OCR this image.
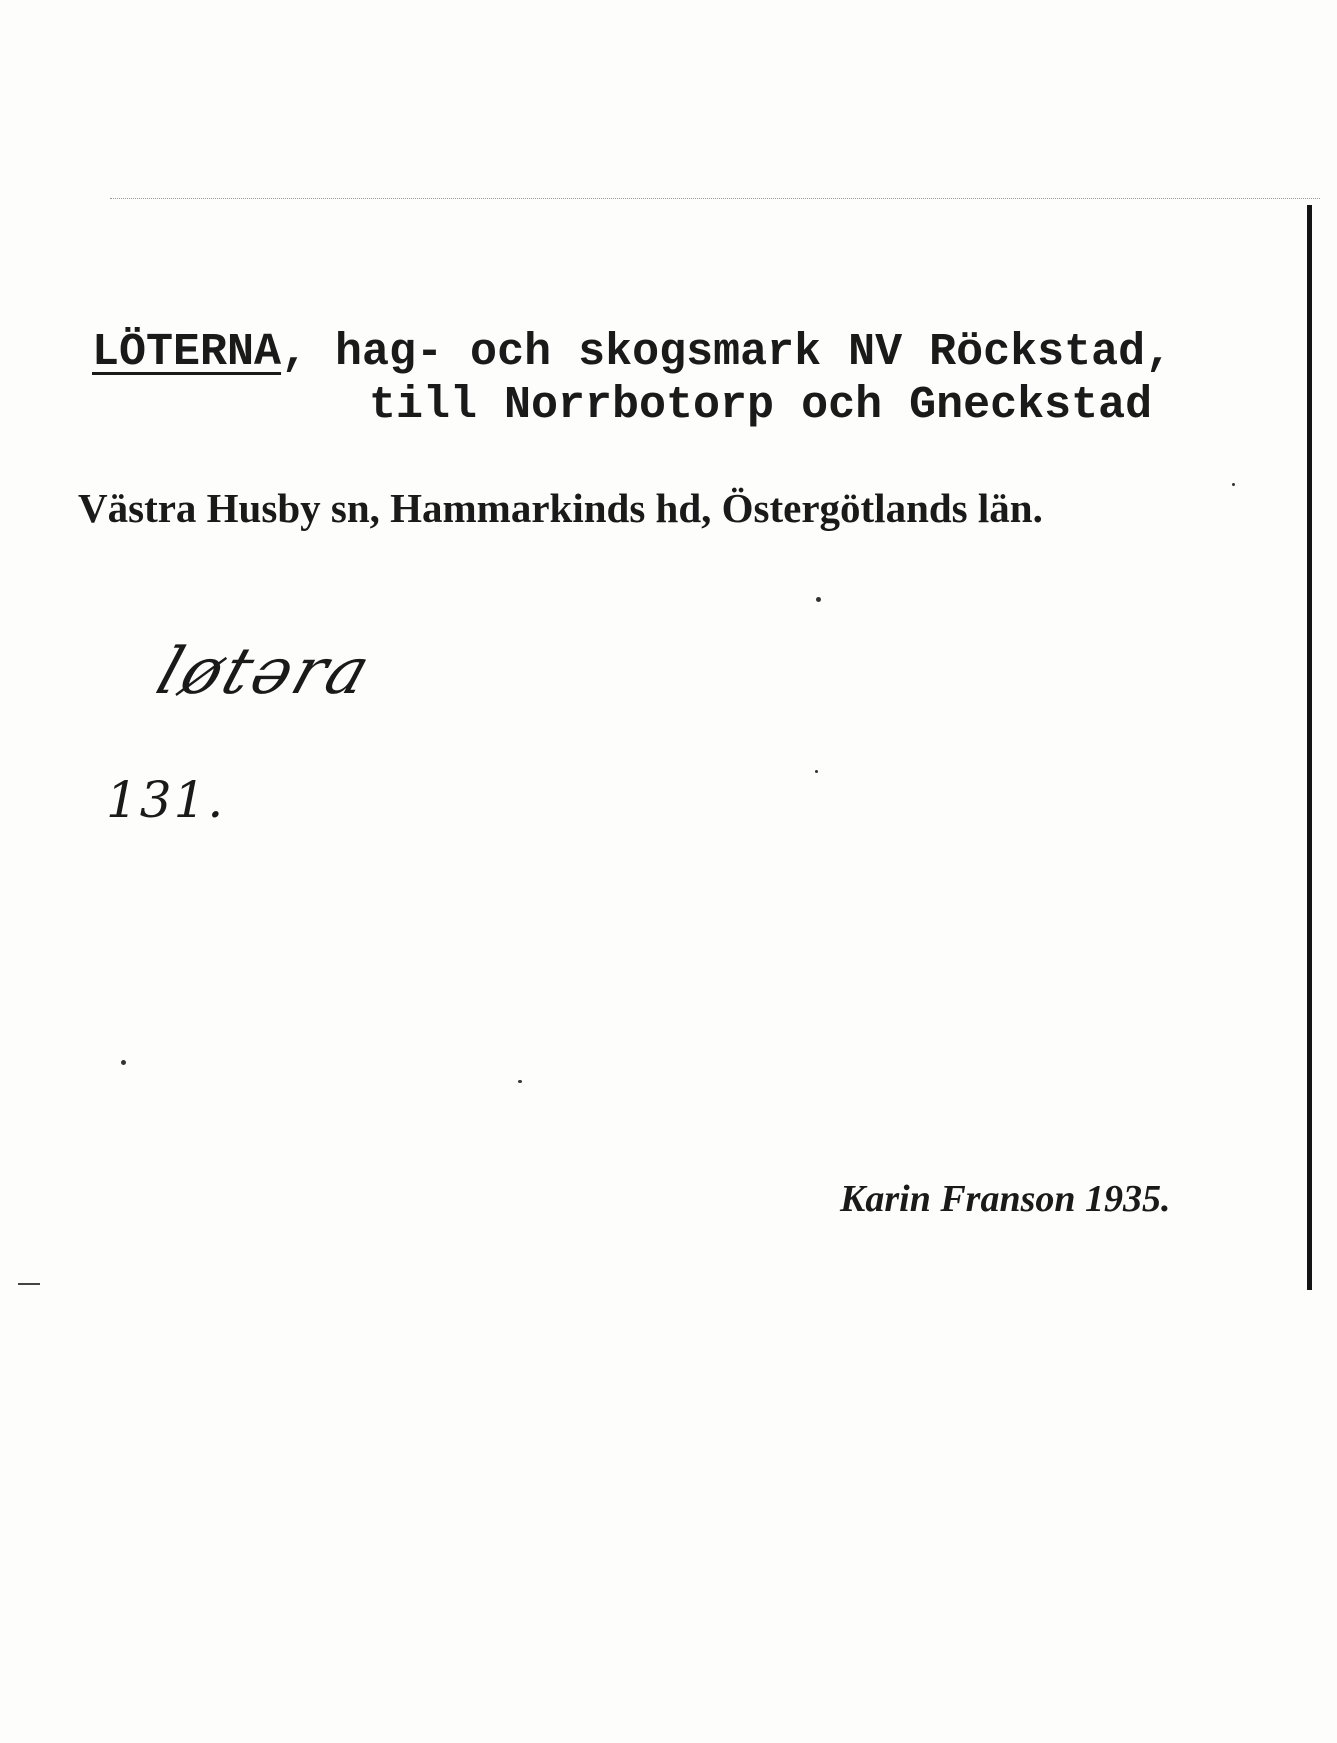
LÖTERNA, hag- och skogsmark NV Röckstad,
till Norrbotorp och Gneckstad
Västra Husby sn, Hammarkinds hd, Östergötlands län.
løtəra
131.
Karin Franson 1935.
